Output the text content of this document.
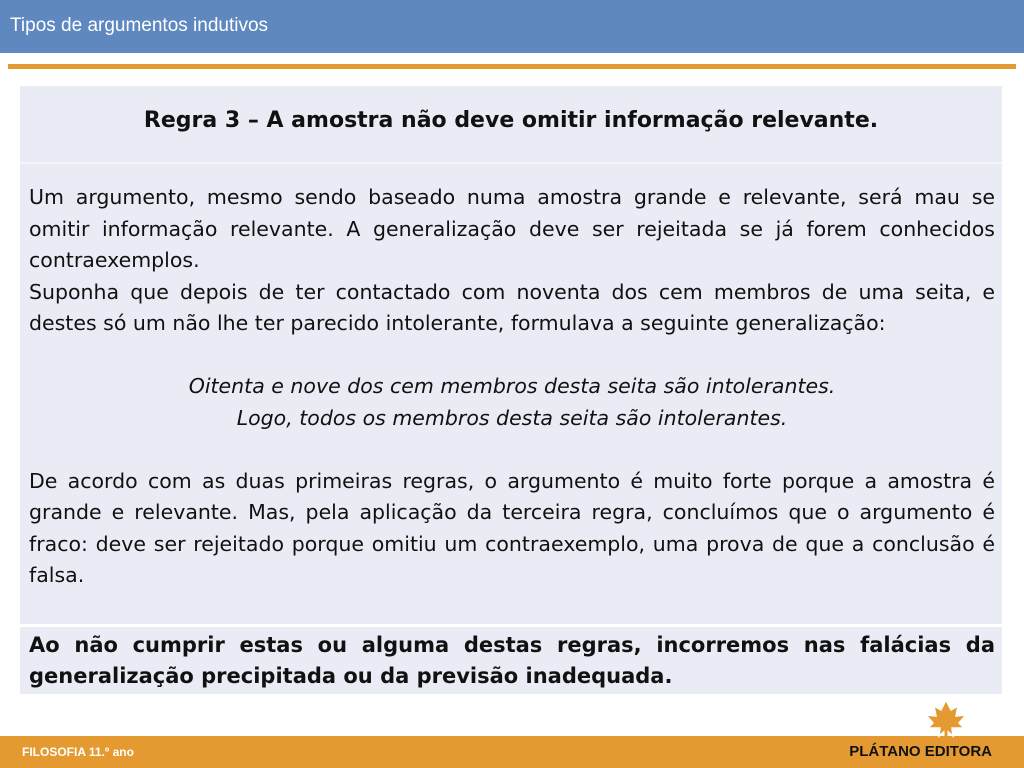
Tipos de argumentos indutivos
Regra 3 – A amostra não deve omitir informação relevante.

Um argumento, mesmo sendo baseado numa amostra grande e relevante, será mau se omitir informação relevante. A generalização deve ser rejeitada se já forem conhecidos contraexemplos.

Suponha que depois de ter contactado com noventa dos cem membros de uma seita, e destes só um não lhe ter parecido intolerante, formulava a seguinte generalização:

Oitenta e nove dos cem membros desta seita são intolerantes.

Logo, todos os membros desta seita são intolerantes.

De acordo com as duas primeiras regras, o argumento é muito forte porque a amostra é grande e relevante. Mas, pela aplicação da terceira regra, concluímos que o argumento é fraco: deve ser rejeitado porque omitiu um contraexemplo, uma prova de que a conclusão é falsa.

Ao não cumprir estas ou alguma destas regras, incorremos nas falácias da generalização precipitada ou da previsão inadequada.
FILOSOFIA 11.º ano	PLÁTANO EDITORA
